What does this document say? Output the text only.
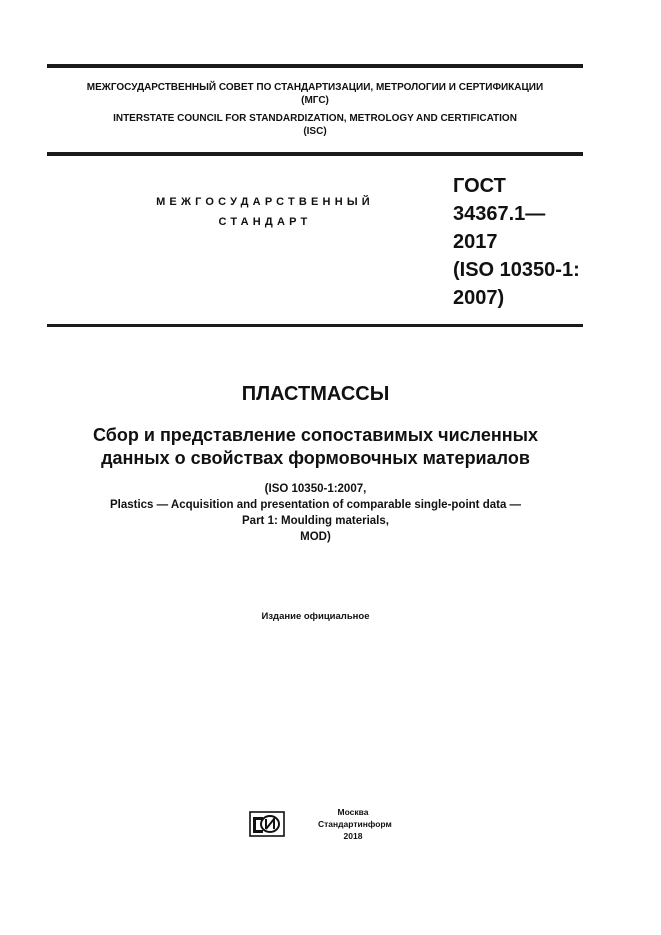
МЕЖГОСУДАРСТВЕННЫЙ СОВЕТ ПО СТАНДАРТИЗАЦИИ, МЕТРОЛОГИИ И СЕРТИФИКАЦИИ
(МГС)
INTERSTATE COUNCIL FOR STANDARDIZATION, METROLOGY AND CERTIFICATION
(ISC)
МЕЖГОСУДАРСТВЕННЫЙ
СТАНДАРТ
ГОСТ
34367.1—
2017
(ISO 10350-1:
2007)
ПЛАСТМАССЫ
Сбор и представление сопоставимых численных
данных о свойствах формовочных материалов
(ISO 10350-1:2007,
Plastics — Acquisition and presentation of comparable single-point data —
Part 1: Moulding materials,
MOD)
Издание официальное
Москва
Стандартинформ
2018
